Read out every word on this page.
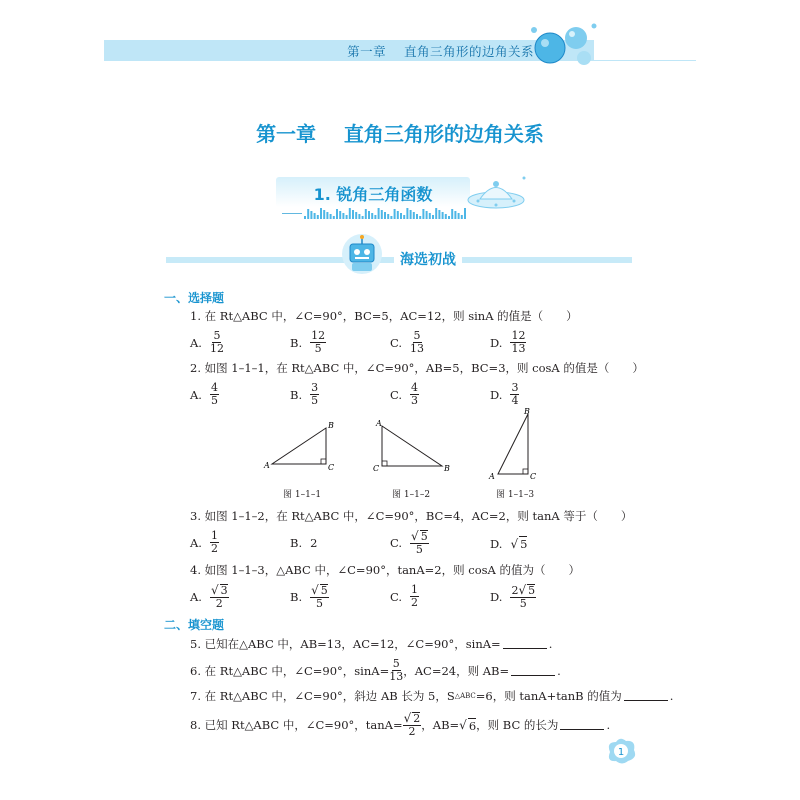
第一章    直角三角形的边角关系
第一章    直角三角形的边角关系
1. 锐角三角函数
海选初战
一、选择题
1. 在 Rt△ABC 中，∠C=90°，BC=5，AC=12，则 sinA 的值是（　　）
A. $\frac{5}{12}$	B. $\frac{12}{5}$	C. $\frac{5}{13}$	D. $\frac{12}{13}$
2. 如图 1–1–1，在 Rt△ABC 中，∠C=90°，AB=5，BC=3，则 cosA 的值是（　　）
A. $\frac{4}{5}$	B. $\frac{3}{5}$	C. $\frac{4}{3}$	D. $\frac{3}{4}$
A
B
C
图 1–1–1
A
B
C
图 1–1–2
A
B
C
图 1–1–3
3. 如图 1–1–2，在 Rt△ABC 中，∠C=90°，BC=4，AC=2，则 tanA 等于（　　）
A. $\frac{1}{2}$	B. 2	C. $\frac{√ 5}{5}$	D. √ 5
4. 如图 1–1–3，△ABC 中，∠C=90°，tanA=2，则 cosA 的值为（　　）
A. $\frac{√ 3}{2}$	B. $\frac{√ 5}{5}$	C. $\frac{1}{2}$	D. $\frac{2√ 5}{5}$
二、填空题
5. 已知在△ABC 中，AB=13，AC=12，∠C=90°，sinA=	.
6. 在 Rt△ABC 中，∠C=90°，$\sin A= \frac{5}{13}$ ，AC=24，则 AB=	.
7. 在 Rt△ABC 中，∠C=90°，斜边 AB 长为 5，S △ABC =6，则 tanA+tanB 的值为	.
8. 已知 Rt△ABC 中，∠C=90°，$\tan A= \frac{√ 2}{2}$ ，AB= √ 6 ，则 BC 的长为	.
1
